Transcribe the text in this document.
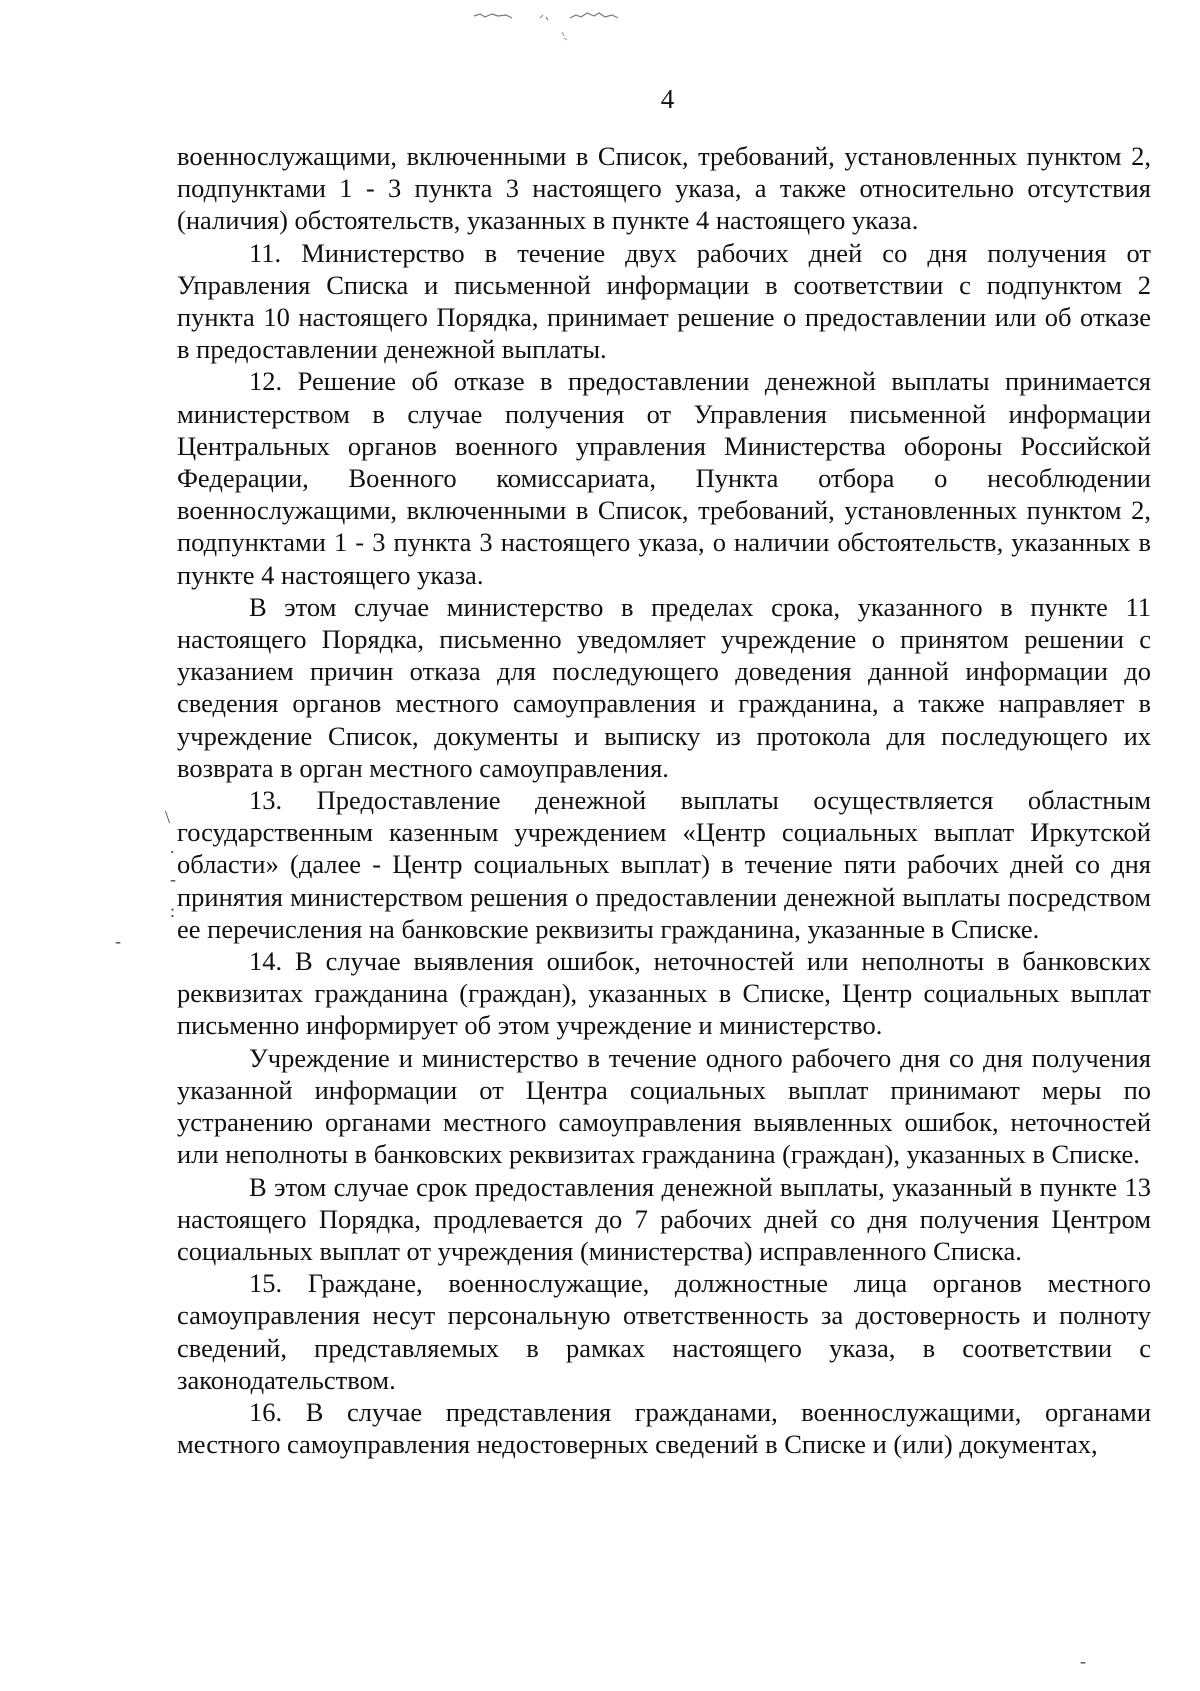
4

военнослужащими, включенными в Список, требований, установленных пунктом 2, подпунктами 1 - 3 пункта 3 настоящего указа, а также относительно отсутствия (наличия) обстоятельств, указанных в пункте 4 настоящего указа.

11. Министерство в течение двух рабочих дней со дня получения от Управления Списка и письменной информации в соответствии с подпунктом 2 пункта 10 настоящего Порядка, принимает решение о предоставлении или об отказе в предоставлении денежной выплаты.

12. Решение об отказе в предоставлении денежной выплаты принимается министерством в случае получения от Управления письменной информации Центральных органов военного управления Министерства обороны Российской Федерации, Военного комиссариата, Пункта отбора о несоблюдении военнослужащими, включенными в Список, требований, установленных пунктом 2, подпунктами 1 - 3 пункта 3 настоящего указа, о наличии обстоятельств, указанных в пункте 4 настоящего указа.

В этом случае министерство в пределах срока, указанного в пункте 11 настоящего Порядка, письменно уведомляет учреждение о принятом решении с указанием причин отказа для последующего доведения данной информации до сведения органов местного самоуправления и гражданина, а также направляет в учреждение Список, документы и выписку из протокола для последующего их возврата в орган местного самоуправления.

13. Предоставление денежной выплаты осуществляется областным государственным казенным учреждением «Центр социальных выплат Иркутской области» (далее - Центр социальных выплат) в течение пяти рабочих дней со дня принятия министерством решения о предоставлении денежной выплаты посредством ее перечисления на банковские реквизиты гражданина, указанные в Списке.

14. В случае выявления ошибок, неточностей или неполноты в банковских реквизитах гражданина (граждан), указанных в Списке, Центр социальных выплат письменно информирует об этом учреждение и министерство.

Учреждение и министерство в течение одного рабочего дня со дня получения указанной информации от Центра социальных выплат принимают меры по устранению органами местного самоуправления выявленных ошибок, неточностей или неполноты в банковских реквизитах гражданина (граждан), указанных в Списке.

В этом случае срок предоставления денежной выплаты, указанный в пункте 13 настоящего Порядка, продлевается до 7 рабочих дней со дня получения Центром социальных выплат от учреждения (министерства) исправленного Списка.

15. Граждане, военнослужащие, должностные лица органов местного самоуправления несут персональную ответственность за достоверность и полноту сведений, представляемых в рамках настоящего указа, в соответствии с законодательством.

16. В случае представления гражданами, военнослужащими, органами местного самоуправления недостоверных сведений в Списке и (или) документах,

\
.
-
:
-
-
